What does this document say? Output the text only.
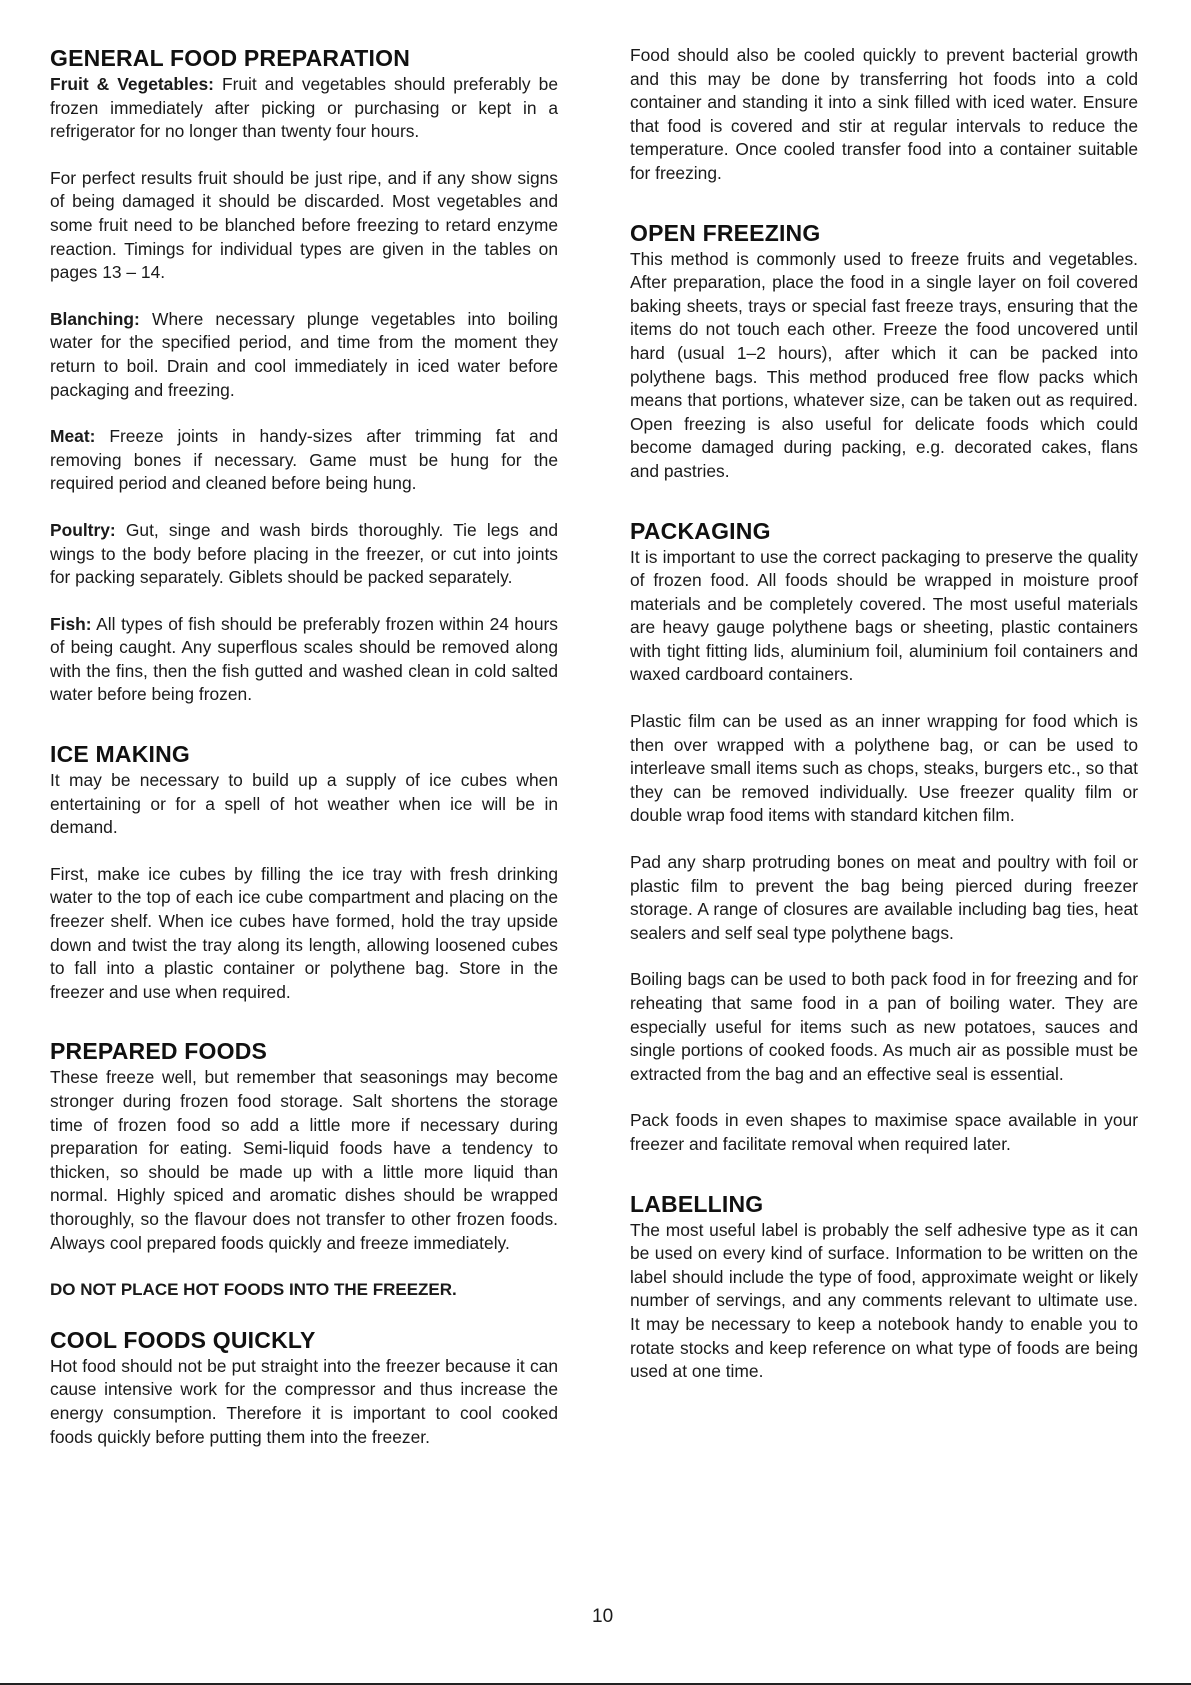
GENERAL FOOD PREPARATION

Fruit & Vegetables: Fruit and vegetables should preferably be frozen immediately after picking or purchasing or kept in a refrigerator for no longer than twenty four hours.

For perfect results fruit should be just ripe, and if any show signs of being damaged it should be discarded. Most vegetables and some fruit need to be blanched before freezing to retard enzyme reaction. Timings for individual types are given in the tables on pages 13 – 14.

Blanching: Where necessary plunge vegetables into boiling water for the specified period, and time from the moment they return to boil. Drain and cool immediately in iced water before packaging and freezing.

Meat: Freeze joints in handy-sizes after trimming fat and removing bones if necessary. Game must be hung for the required period and cleaned before being hung.

Poultry: Gut, singe and wash birds thoroughly. Tie legs and wings to the body before placing in the freezer, or cut into joints for packing separately. Giblets should be packed separately.

Fish: All types of fish should be preferably frozen within 24 hours of being caught. Any superflous scales should be removed along with the fins, then the fish gutted and washed clean in cold salted water before being frozen.

ICE MAKING

It may be necessary to build up a supply of ice cubes when entertaining or for a spell of hot weather when ice will be in demand.

First, make ice cubes by filling the ice tray with fresh drinking water to the top of each ice cube compartment and placing on the freezer shelf. When ice cubes have formed, hold the tray upside down and twist the tray along its length, allowing loosened cubes to fall into a plastic container or polythene bag. Store in the freezer and use when required.

PREPARED FOODS

These freeze well, but remember that seasonings may become stronger during frozen food storage. Salt shortens the storage time of frozen food so add a little more if necessary during preparation for eating. Semi-liquid foods have a tendency to thicken, so should be made up with a little more liquid than normal. Highly spiced and aromatic dishes should be wrapped thoroughly, so the flavour does not transfer to other frozen foods. Always cool prepared foods quickly and freeze immediately.

DO NOT PLACE HOT FOODS INTO THE FREEZER.

COOL FOODS QUICKLY

Hot food should not be put straight into the freezer because it can cause intensive work for the compressor and thus increase the energy consumption. Therefore it is important to cool cooked foods quickly before putting them into the freezer.

Food should also be cooled quickly to prevent bacterial growth and this may be done by transferring hot foods into a cold container and standing it into a sink filled with iced water. Ensure that food is covered and stir at regular intervals to reduce the temperature. Once cooled transfer food into a container suitable for freezing.

OPEN FREEZING

This method is commonly used to freeze fruits and vegetables. After preparation, place the food in a single layer on foil covered baking sheets, trays or special fast freeze trays, ensuring that the items do not touch each other. Freeze the food uncovered until hard (usual 1–2 hours), after which it can be packed into polythene bags. This method produced free flow packs which means that portions, whatever size, can be taken out as required. Open freezing is also useful for delicate foods which could become damaged during packing, e.g. decorated cakes, flans and pastries.

PACKAGING

It is important to use the correct packaging to preserve the quality of frozen food. All foods should be wrapped in moisture proof materials and be completely covered. The most useful materials are heavy gauge polythene bags or sheeting, plastic containers with tight fitting lids, aluminium foil, aluminium foil containers and waxed cardboard containers.

Plastic film can be used as an inner wrapping for food which is then over wrapped with a polythene bag, or can be used to interleave small items such as chops, steaks, burgers etc., so that they can be removed individually. Use freezer quality film or double wrap food items with standard kitchen film.

Pad any sharp protruding bones on meat and poultry with foil or plastic film to prevent the bag being pierced during freezer storage. A range of closures are available including bag ties, heat sealers and self seal type polythene bags.

Boiling bags can be used to both pack food in for freezing and for reheating that same food in a pan of boiling water. They are especially useful for items such as new potatoes, sauces and single portions of cooked foods. As much air as possible must be extracted from the bag and an effective seal is essential.

Pack foods in even shapes to maximise space available in your freezer and facilitate removal when required later.

LABELLING

The most useful label is probably the self adhesive type as it can be used on every kind of surface. Information to be written on the label should include the type of food, approximate weight or likely number of servings, and any comments relevant to ultimate use. It may be necessary to keep a notebook handy to enable you to rotate stocks and keep reference on what type of foods are being used at one time.

10
